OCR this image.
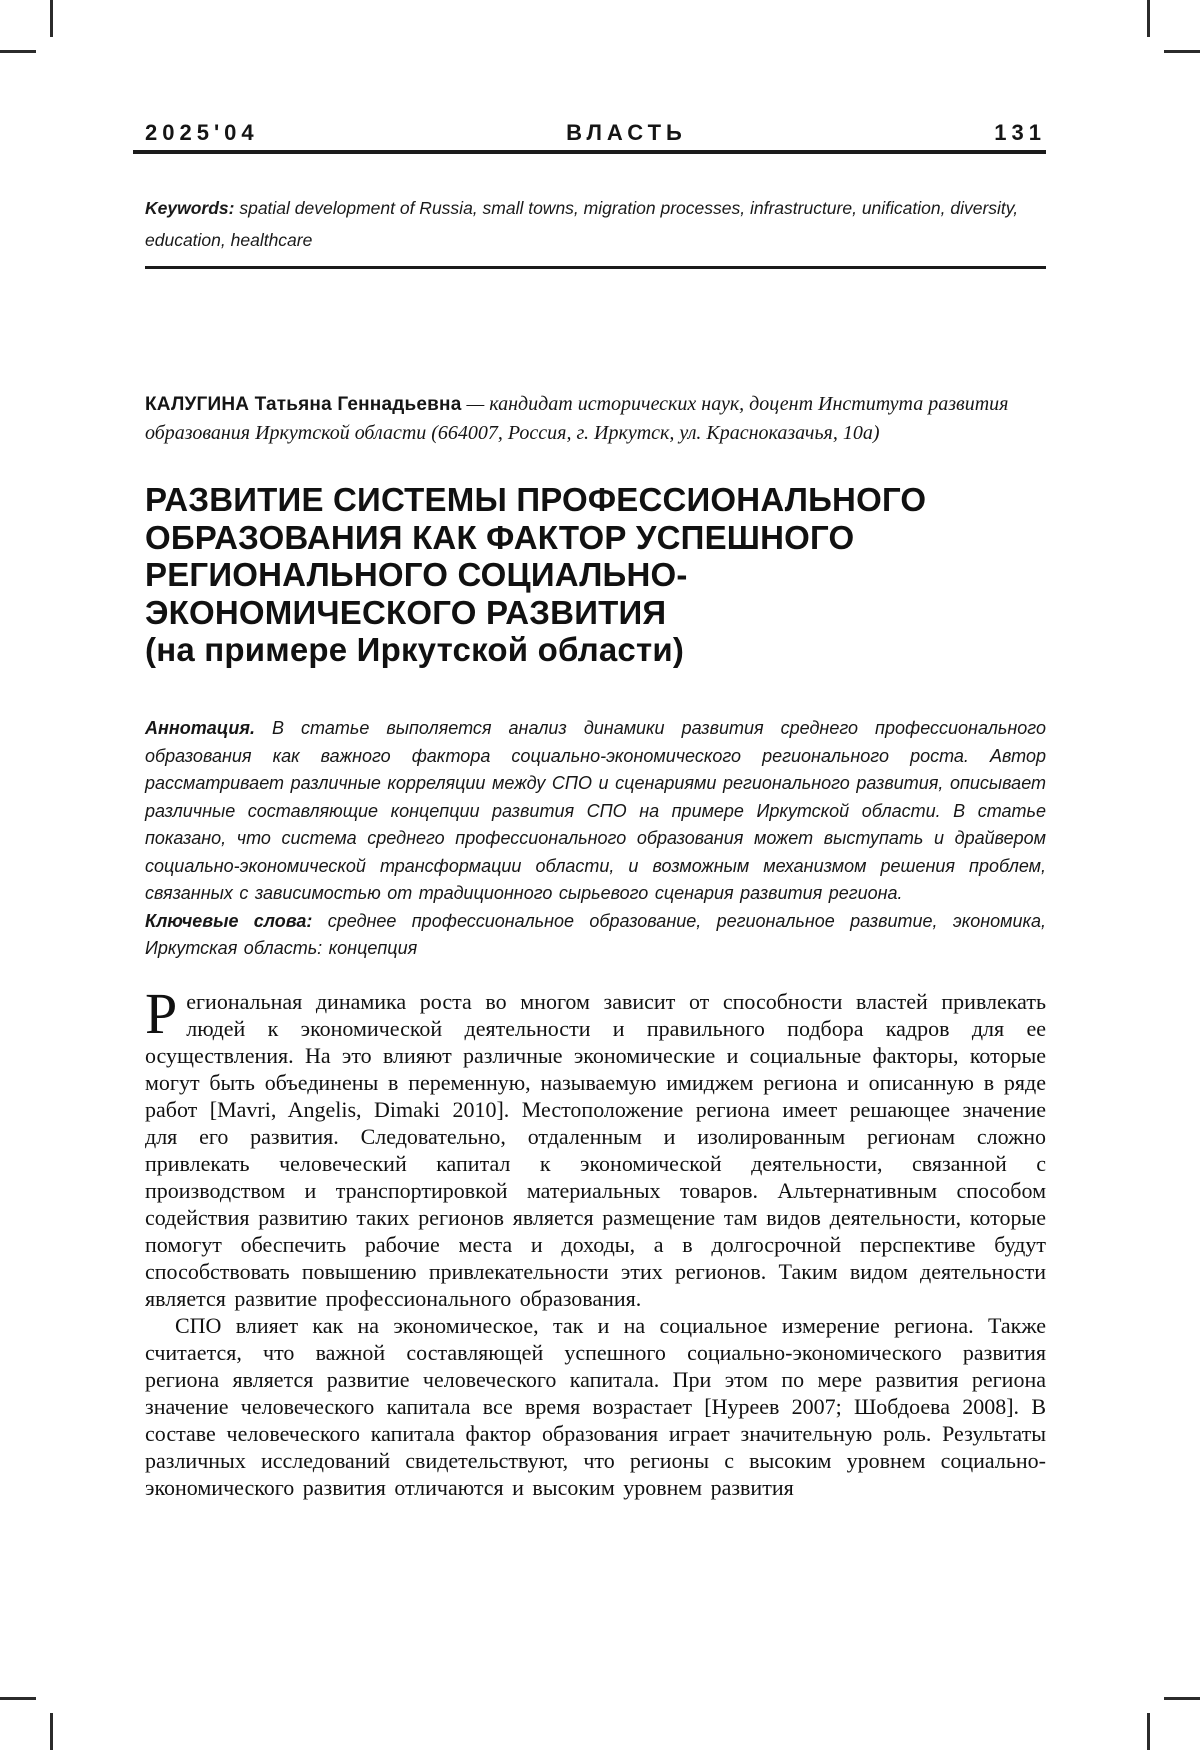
2025'04	ВЛАСТЬ	131
Keywords: spatial development of Russia, small towns, migration processes, infrastructure, unification, diversity, education, healthcare
КАЛУГИНА Татьяна Геннадьевна — кандидат исторических наук, доцент Института развития образования Иркутской области (664007, Россия, г. Иркутск, ул. Красноказачья, 10а)
РАЗВИТИЕ СИСТЕМЫ ПРОФЕССИОНАЛЬНОГО
ОБРАЗОВАНИЯ КАК ФАКТОР УСПЕШНОГО
РЕГИОНАЛЬНОГО СОЦИАЛЬНО-
ЭКОНОМИЧЕСКОГО РАЗВИТИЯ
(на примере Иркутской области)

Аннотация. В статье выполяется анализ динамики развития среднего профессионального образования как важного фактора социально-экономического регионального роста. Автор рассматривает различные корреляции между СПО и сценариями регионального развития, описывает различные составляющие концепции развития СПО на примере Иркутской области. В статье показано, что система среднего профессионального образования может выступать и драйвером социально-экономической трансформации области, и возможным механизмом решения проблем, связанных с зависимостью от традиционного сырьевого сценария развития региона.

Ключевые слова: среднее профессиональное образование, региональное развитие, экономика, Иркутская область: концепция

Региональная динамика роста во многом зависит от способности властей привлекать людей к экономической деятельности и правильного подбора кадров для ее осуществления. На это влияют различные экономические и социальные факторы, которые могут быть объединены в переменную, называемую имиджем региона и описанную в ряде работ [Mavri, Angelis, Dimaki 2010]. Местоположение региона имеет решающее значение для его развития. Следовательно, отдаленным и изолированным регионам сложно привлекать человеческий капитал к экономической деятельности, связанной с производством и транспортировкой материальных товаров. Альтернативным способом содействия развитию таких регионов является размещение там видов деятельности, которые помогут обеспечить рабочие места и доходы, а в долгосрочной перспективе будут способствовать повышению привлекательности этих регионов. Таким видом деятельности является развитие профессионального образования.

СПО влияет как на экономическое, так и на социальное измерение региона. Также считается, что важной составляющей успешного социально-экономического развития региона является развитие человеческого капитала. При этом по мере развития региона значение человеческого капитала все время возрастает [Нуреев 2007; Шобдоева 2008]. В составе человеческого капитала фактор образования играет значительную роль. Результаты различных исследований свидетельствуют, что регионы с высоким уровнем социально-экономического развития отличаются и высоким уровнем развития
